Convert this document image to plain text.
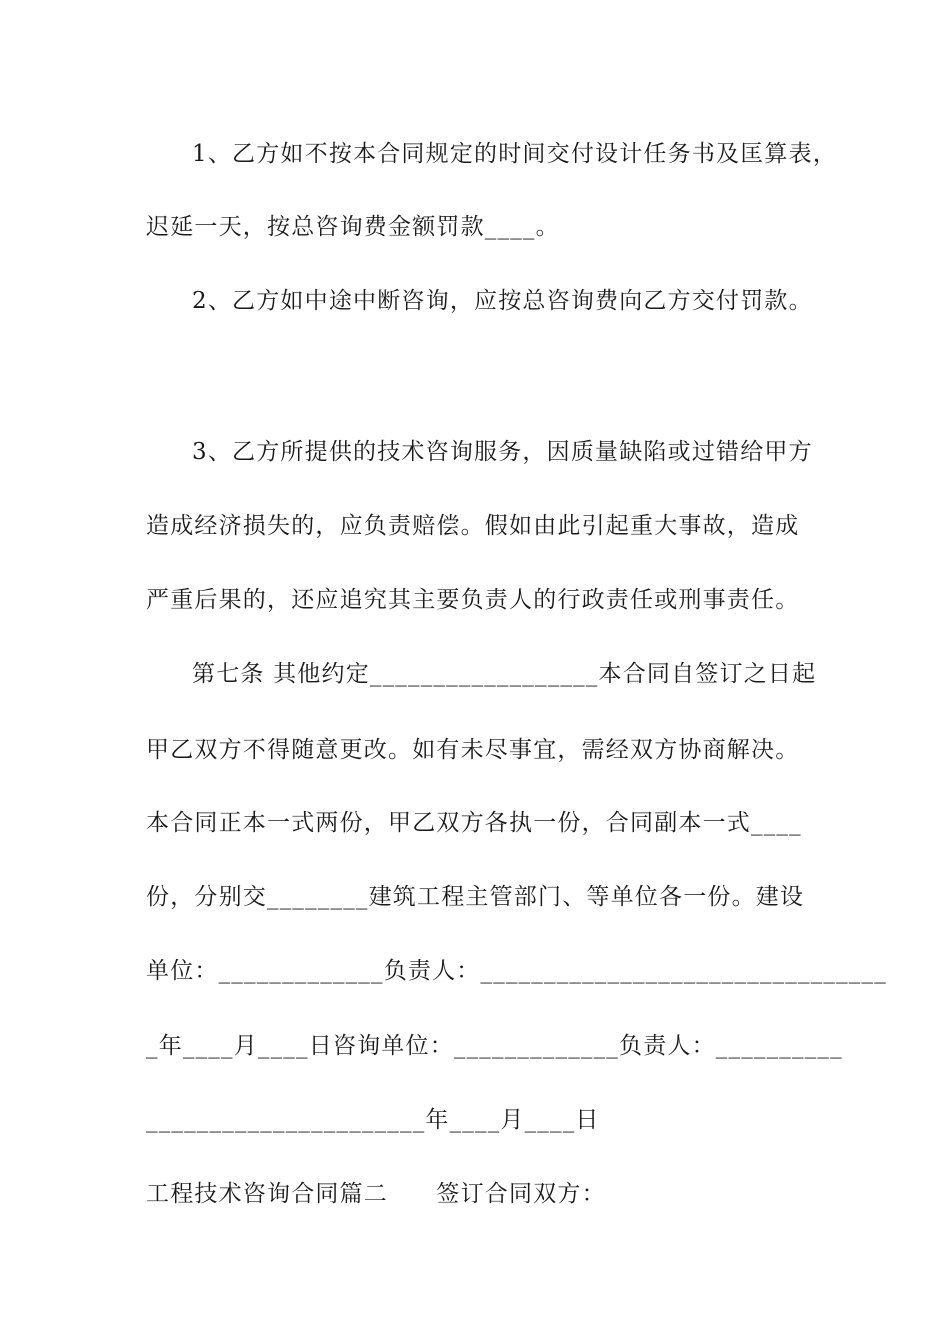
1、乙方如不按本合同规定的时间交付设计任务书及匡算表，
迟延一天，按总咨询费金额罚款____。
2、乙方如中途中断咨询，应按总咨询费向乙方交付罚款。
3、乙方所提供的技术咨询服务，因质量缺陷或过错给甲方
造成经济损失的，应负责赔偿。假如由此引起重大事故，造成
严重后果的，还应追究其主要负责人的行政责任或刑事责任。
第七条 其他约定__________________本合同自签订之日起
甲乙双方不得随意更改。如有未尽事宜，需经双方协商解决。
本合同正本一式两份，甲乙双方各执一份，合同副本一式____
份，分别交________建筑工程主管部门、等单位各一份。建设
单位：_____________负责人：________________________________
_年____月____日咨询单位：_____________负责人：__________
______________________年____月____日
工程技术咨询合同篇二　　签订合同双方：
